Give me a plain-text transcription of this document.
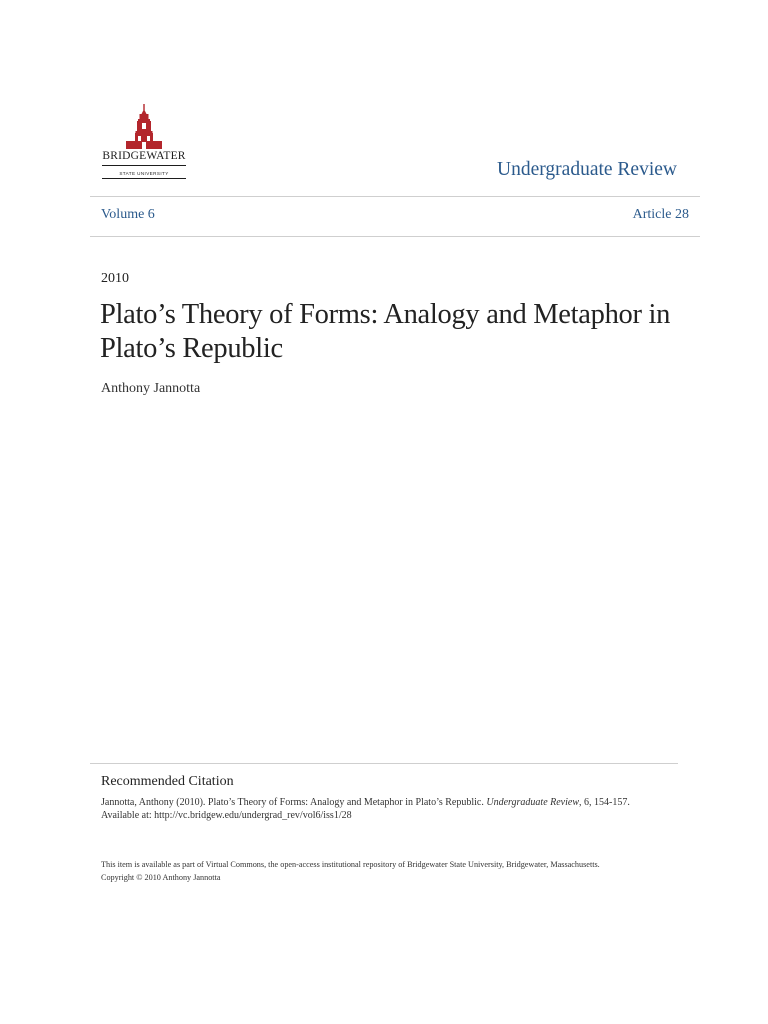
BRIDGEWATER
STATE UNIVERSITY	Undergraduate Review
Volume 6	Article 28
2010
Plato’s Theory of Forms: Analogy and Metaphor in
Plato’s Republic
Anthony Jannotta
Recommended Citation
Jannotta, Anthony (2010). Plato’s Theory of Forms: Analogy and Metaphor in Plato’s Republic. Undergraduate Review, 6, 154-157.
Available at: http://vc.bridgew.edu/undergrad_rev/vol6/iss1/28
This item is available as part of Virtual Commons, the open-access institutional repository of Bridgewater State University, Bridgewater, Massachusetts.
Copyright © 2010 Anthony Jannotta
